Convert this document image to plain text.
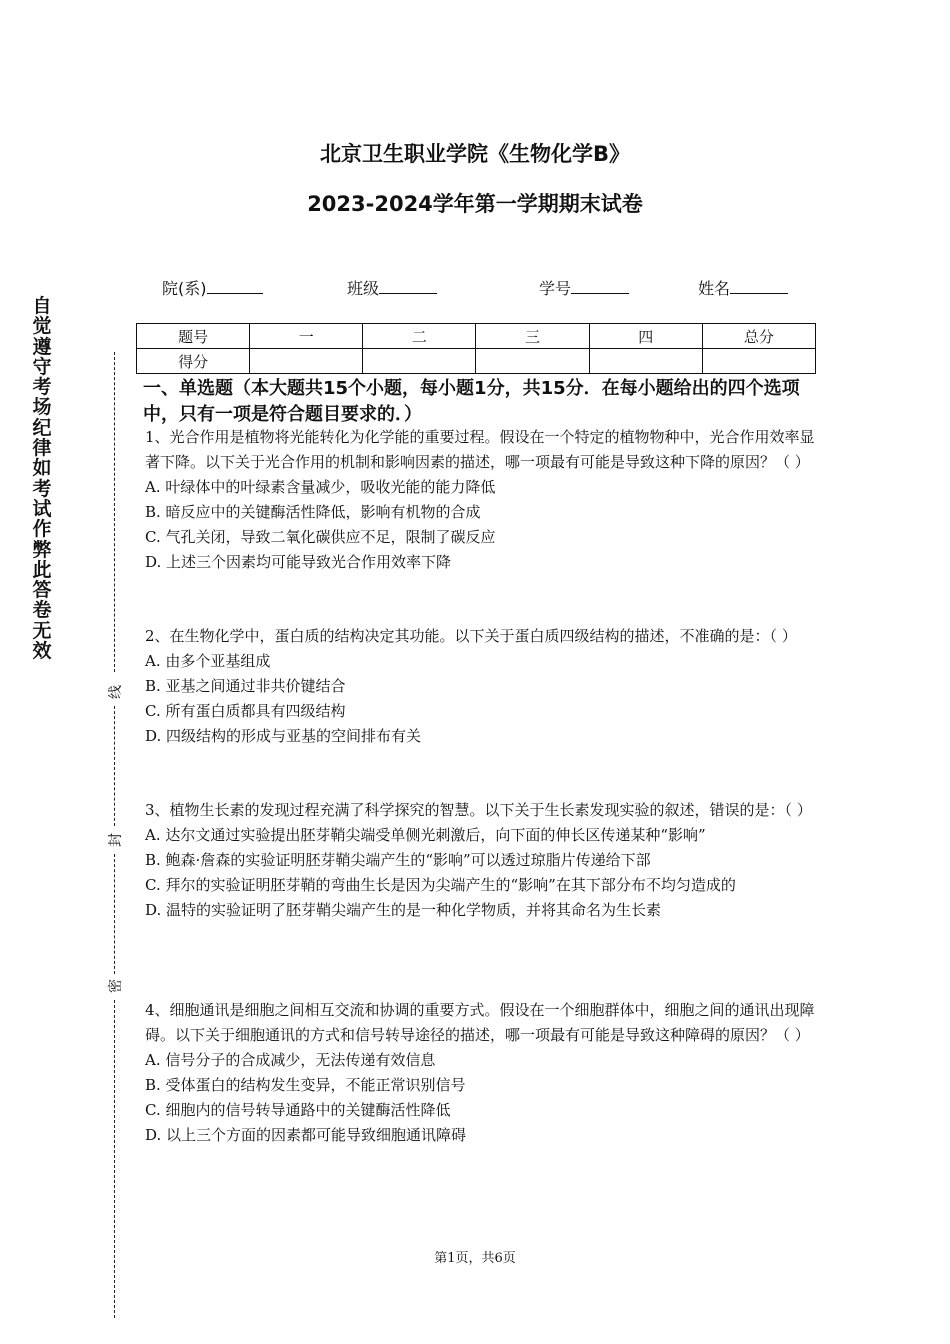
北京卫生职业学院《生物化学B》
2023-2024学年第一学期期末试卷
院(系)	班级	学号	姓名
题号	一	二	三	四	总分
得分					
自觉遵守考场纪律如考试作弊此答卷无效
线
封
密
一、单选题（本大题共15个小题，每小题1分，共15分．在每小题给出的四个选项中，只有一项是符合题目要求的．）

1、光合作用是植物将光能转化为化学能的重要过程。假设在一个特定的植物物种中，光合作用效率显著下降。以下关于光合作用的机制和影响因素的描述，哪一项最有可能是导致这种下降的原因？（ ）

A. 叶绿体中的叶绿素含量减少，吸收光能的能力降低

B. 暗反应中的关键酶活性降低，影响有机物的合成

C. 气孔关闭，导致二氧化碳供应不足，限制了碳反应

D. 上述三个因素均可能导致光合作用效率下降

2、在生物化学中，蛋白质的结构决定其功能。以下关于蛋白质四级结构的描述，不准确的是：（ ）

A. 由多个亚基组成

B. 亚基之间通过非共价键结合

C. 所有蛋白质都具有四级结构

D. 四级结构的形成与亚基的空间排布有关

3、植物生长素的发现过程充满了科学探究的智慧。以下关于生长素发现实验的叙述，错误的是：（ ）

A. 达尔文通过实验提出胚芽鞘尖端受单侧光刺激后，向下面的伸长区传递某种“影响”

B. 鲍森·詹森的实验证明胚芽鞘尖端产生的“影响”可以透过琼脂片传递给下部

C. 拜尔的实验证明胚芽鞘的弯曲生长是因为尖端产生的“影响”在其下部分布不均匀造成的

D. 温特的实验证明了胚芽鞘尖端产生的是一种化学物质，并将其命名为生长素

4、细胞通讯是细胞之间相互交流和协调的重要方式。假设在一个细胞群体中，细胞之间的通讯出现障碍。以下关于细胞通讯的方式和信号转导途径的描述，哪一项最有可能是导致这种障碍的原因？（ ）

A. 信号分子的合成减少，无法传递有效信息

B. 受体蛋白的结构发生变异，不能正常识别信号

C. 细胞内的信号转导通路中的关键酶活性降低

D. 以上三个方面的因素都可能导致细胞通讯障碍

第1页，共6页
